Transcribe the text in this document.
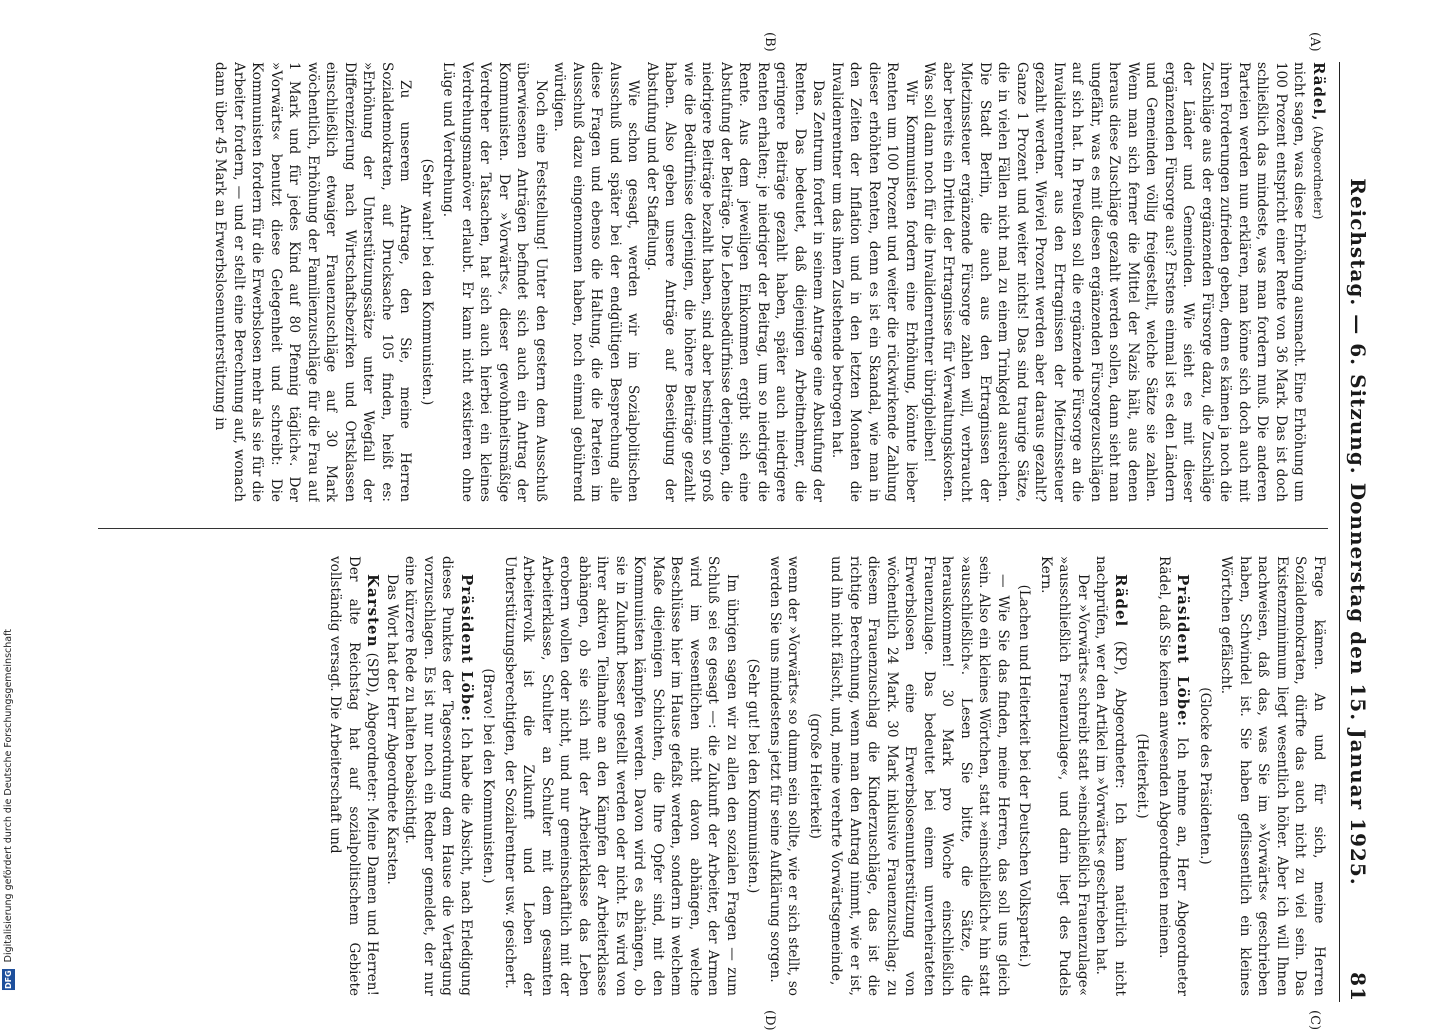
DFG Digitalisierung gefördert durch die Deutsche Forschungsgemeinschaft	Reichstag. — 6. Sitzung. Donnerstag den 15. Januar 1925.
81
(A)
(B)
(C)
(D)

Rädel, (Abgeordneter)

nicht sagen, was diese Erhöhung ausmacht. Eine Erhöhung um 100 Prozent entspricht einer Rente von 36 Mark. Das ist doch schließlich das mindeste, was man fordern muß. Die anderen Parteien werden nun erklären, man könne sich doch auch mit ihren Forderungen zufrieden geben, denn es kämen ja noch die Zuschläge aus der ergänzenden Fürsorge dazu, die Zuschläge der Länder und Gemeinden. Wie sieht es mit dieser ergänzenden Fürsorge aus? Erstens einmal ist es den Ländern und Gemeinden völlig freigestellt, welche Sätze sie zahlen. Wenn man sich ferner die Mittel der Nazis hält, aus denen heraus diese Zuschläge gezahlt werden sollen, dann sieht man ungefähr, was es mit diesen ergänzenden Fürsorgezuschlägen auf sich hat. In Preußen soll die ergänzende Fürsorge an die Invalidenrentner aus den Ertragnissen der Mietzinssteuer gezahlt werden. Wieviel Prozent werden aber daraus gezahlt? Ganze 1 Prozent und weiter nichts! Das sind traurige Sätze, die in vielen Fällen nicht mal zu einem Trinkgeld ausreichen. Die Stadt Berlin, die auch aus den Ertragnissen der Mietzinssteuer ergänzende Fürsorge zahlen will, verbraucht aber bereits ein Drittel der Ertragnisse für Verwaltungskosten. Was soll dann noch für die Invalidenrentner übrigbleiben!

Wir Kommunisten fordern eine Erhöhung, könnte lieber Renten um 100 Prozent und weiter die rückwirkende Zahlung dieser erhöhten Renten, denn es ist ein Skandal, wie man in den Zeiten der Inflation und in den letzten Monaten die Invalidenrentner um das ihnen Zustehende betrogen hat.

Das Zentrum fordert in seinem Antrage eine Abstufung der Renten. Das bedeutet, daß diejenigen Arbeitnehmer, die geringere Beiträge gezahlt haben, später auch niedrigere Renten erhalten; je niedriger der Beitrag, um so niedriger die Rente. Aus dem jeweiligen Einkommen ergibt sich eine Abstufung der Beiträge. Die Lebensbedürfnisse derjenigen, die niedrigere Beiträge bezahlt haben, sind aber bestimmt so groß wie die Bedürfnisse derjenigen, die höhere Beiträge gezahlt haben. Also geben unsere Anträge auf Beseitigung der Abstufung und der Staffelung.

Wie schon gesagt, werden wir im Sozialpolitischen Ausschuß und später bei der endgültigen Besprechung alle diese Fragen und ebenso die Haltung, die die Parteien im Ausschuß dazu eingenommen haben, noch einmal gebührend würdigen.

Noch eine Feststellung! Unter den gestern dem Ausschuß überwiesenen Anträgen befindet sich auch ein Antrag der Kommunisten. Der »Vorwärts«, dieser gewohnheitsmäßige Verdreher der Tatsachen, hat sich auch hierbei ein kleines Verdrehungsmanöver erlaubt. Er kann nicht existieren ohne Lüge und Verdrehung.

(Sehr wahr! bei den Kommunisten.)

Zu unserem Antrage, den Sie, meine Herren Sozialdemokraten, auf Drucksache 105 finden, heißt es: »Erhöhung der Unterstützungssätze unter Wegfall der Differenzierung nach Wirtschaftsbezirken und Ortsklassen einschließlich etwaiger Frauenzuschläge auf 30 Mark wöchentlich, Erhöhung der Familienzuschläge für die Frau auf 1 Mark und für jedes Kind auf 80 Pfennig täglich«. Der »Vorwärts« benutzt diese Gelegenheit und schreibt: Die Kommunisten fordern für die Erwerbslosen mehr als sie für die Arbeiter fordern, — und er stellt eine Berechnung auf, wonach dann über 45 Mark an Erwerbslosenunterstützung in

Frage kämen. An und für sich, meine Herren Sozialdemokraten, dürfte das auch nicht zu viel sein. Das Existenzminimum liegt wesentlich höher. Aber ich will Ihnen nachweisen, daß das, was Sie im »Vorwärts« geschrieben haben, Schwindel ist. Sie haben geflissentlich ein kleines Wörtchen gefälscht.

(Glocke des Präsidenten.)

Präsident Löbe: Ich nehme an, Herr Abgeordneter Rädel, daß Sie keinen anwesenden Abgeordneten meinen.

(Heiterkeit.)

Rädel (KP), Abgeordneter: Ich kann natürlich nicht nachprüfen, wer den Artikel im »Vorwärts« geschrieben hat.

Der »Vorwärts« schreibt statt »einschließlich Frauenzulage« »ausschließlich Frauenzulage«, und darin liegt des Pudels Kern.

(Lachen und Heiterkeit bei der Deutschen Volkspartei.)

— Wie Sie das finden, meine Herren, das soll uns gleich sein. Also ein kleines Wörtchen, statt »einschließlich« hin statt »ausschließlich«. Lesen Sie bitte, die Sätze, die herauskommen! 30 Mark pro Woche einschließlich Frauenzulage. Das bedeutet bei einem unverheirateten Erwerbslosen eine Erwerbslosenunterstützung von wöchentlich 24 Mark. 30 Mark inklusive Frauenzuschlag; zu diesem Frauenzuschlag die Kinderzuschläge, das ist die richtige Berechnung, wenn man den Antrag nimmt, wie er ist, und ihn nicht fälscht, und, meine verehrte Vorwärtsgemeinde,

(große Heiterkeit)

wenn der »Vorwärts« so dumm sein sollte, wie er sich stellt, so werden Sie uns mindestens jetzt für seine Aufklärung sorgen.

(Sehr gut! bei den Kommunisten.)

Im übrigen sagen wir zu allen den sozialen Fragen — zum Schluß sei es gesagt —: die Zukunft der Arbeiter, der Armen wird im wesentlichen nicht davon abhängen, welche Beschlüsse hier im Hause gefaßt werden, sondern in welchem Maße diejenigen Schichten, die Ihre Opfer sind, mit den Kommunisten kämpfen werden. Davon wird es abhängen, ob sie in Zukunft besser gestellt werden oder nicht. Es wird von ihrer aktiven Teilnahme an den Kämpfen der Arbeiterklasse abhängen, ob sie sich mit der Arbeiterklasse das Leben erobern wollen oder nicht, und nur gemeinschaftlich mit der Arbeiterklasse, Schulter an Schulter mit dem gesamten Arbeitervolk ist die Zukunft und Leben der Unterstützungsberechtigten, der Sozialrentner usw. gesichert.

(Bravo! bei den Kommunisten.)

Präsident Löbe: Ich habe die Absicht, nach Erledigung dieses Punktes der Tagesordnung dem Hause die Vertagung vorzuschlagen. Es ist nur noch ein Redner gemeldet, der nur eine kürzere Rede zu halten beabsichtigt.

Das Wort hat der Herr Abgeordnete Karsten.

Karsten (SPD), Abgeordneter: Meine Damen und Herren! Der alte Reichstag hat auf sozialpolitischem Gebiete vollständig versagt. Die Arbeiterschaft und
